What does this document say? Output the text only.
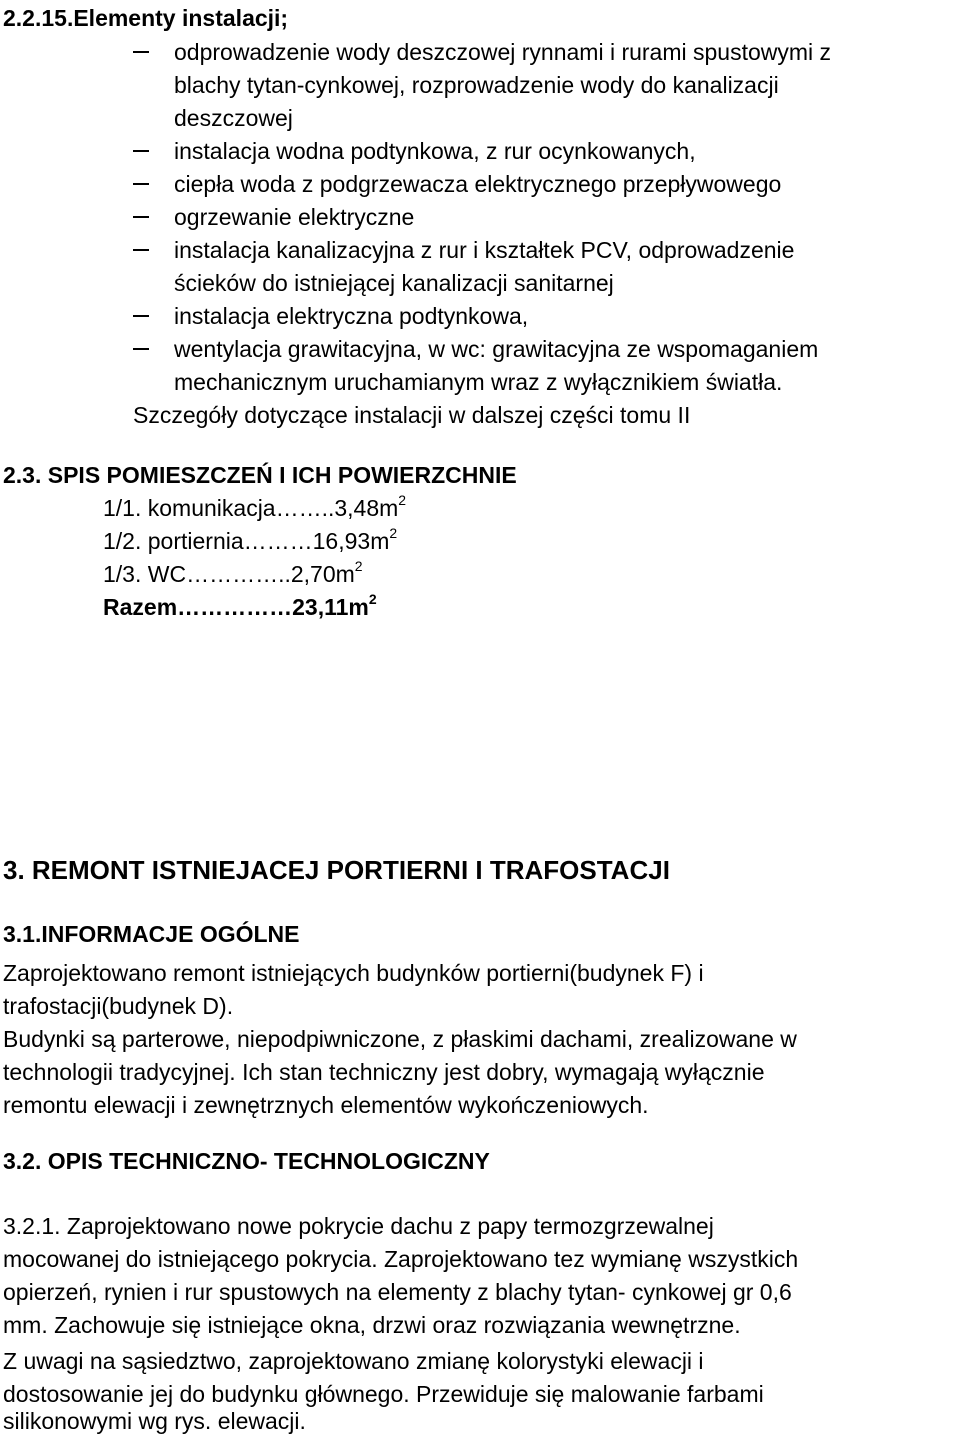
2.2.15.Elementy instalacji;
odprowadzenie wody deszczowej rynnami i rurami spustowymi z
blachy tytan-cynkowej, rozprowadzenie wody do kanalizacji
deszczowej
instalacja wodna podtynkowa, z rur ocynkowanych,
ciepła woda z podgrzewacza elektrycznego przepływowego
ogrzewanie elektryczne
instalacja kanalizacyjna z rur i kształtek PCV, odprowadzenie
ścieków do istniejącej kanalizacji sanitarnej
instalacja elektryczna podtynkowa,
wentylacja grawitacyjna, w wc: grawitacyjna ze wspomaganiem
mechanicznym uruchamianym wraz z wyłącznikiem światła.
Szczegóły dotyczące instalacji w dalszej części tomu II
2.3. SPIS POMIESZCZEŃ I ICH POWIERZCHNIE
1/1. $komunikacja\dots\dots..3,48m^2$
1/2. $portiernia\dots\dots\dots 16,93m^2$
1/3. $WC\dots\dots\dots\dots..2,70m^2$
$Razem\dots\dots\dots\dots\dots 23,11m^2$
3. REMONT ISTNIEJACEJ PORTIERNI I TRAFOSTACJI
3.1.INFORMACJE OGÓLNE
Zaprojektowano remont istniejących budynków portierni(budynek F) i
trafostacji(budynek D).
Budynki są parterowe, niepodpiwniczone, z płaskimi dachami, zrealizowane w
technologii tradycyjnej. Ich stan techniczny jest dobry, wymagają wyłącznie
remontu elewacji i zewnętrznych elementów wykończeniowych.
3.2. OPIS TECHNICZNO- TECHNOLOGICZNY
3.2.1. Zaprojektowano nowe pokrycie dachu z papy termozgrzewalnej
mocowanej do istniejącego pokrycia. Zaprojektowano tez wymianę wszystkich
opierzeń, rynien i rur spustowych na elementy z blachy tytan- cynkowej gr 0,6
mm. Zachowuje się istniejące okna, drzwi oraz rozwiązania wewnętrzne.
Z uwagi na sąsiedztwo, zaprojektowano zmianę kolorystyki elewacji i
dostosowanie jej do budynku głównego. Przewiduje się malowanie farbami
silikonowymi wg rys. elewacji.
